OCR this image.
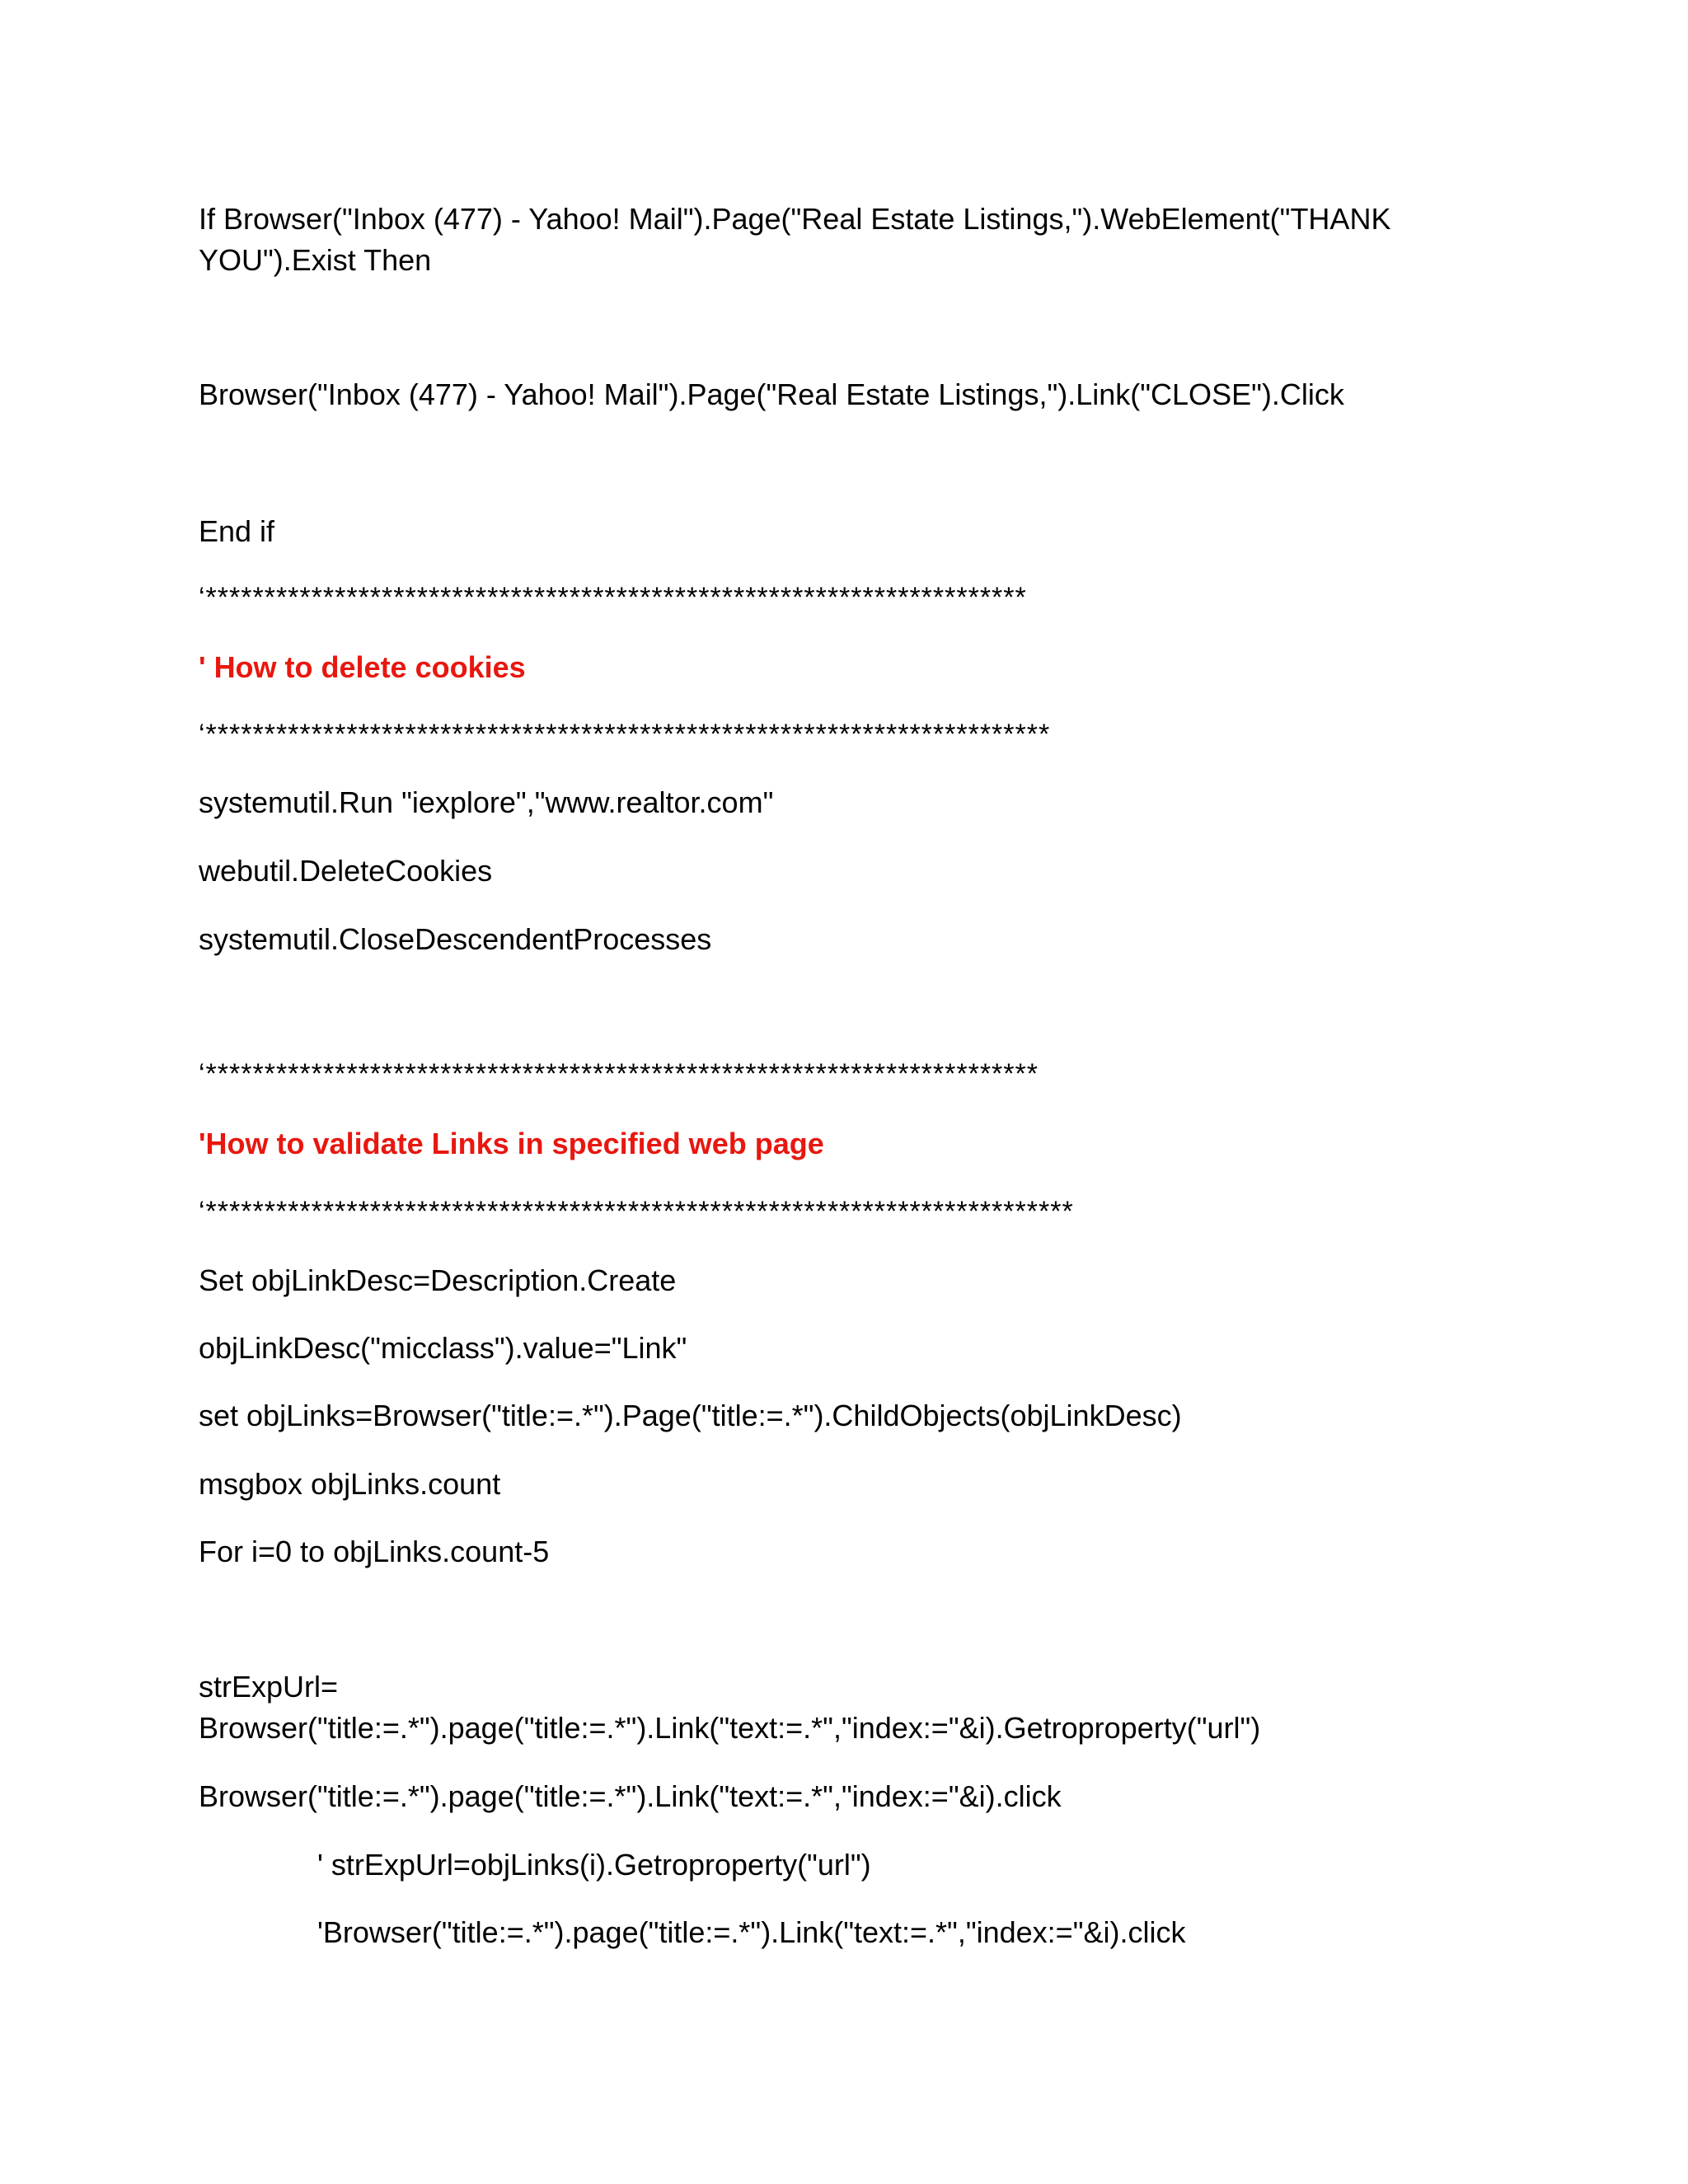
If Browser("Inbox (477) - Yahoo! Mail").Page("Real Estate Listings,").WebElement("THANK
YOU").Exist Then
Browser("Inbox (477) - Yahoo! Mail").Page("Real Estate Listings,").Link("CLOSE").Click
End if
‘**********************************************************************
' How to delete cookies
‘************************************************************************
systemutil.Run "iexplore","www.realtor.com"
webutil.DeleteCookies
systemutil.CloseDescendentProcesses
‘***********************************************************************
'How to validate Links in specified web page
‘**************************************************************************
Set objLinkDesc=Description.Create
objLinkDesc("micclass").value="Link"
set objLinks=Browser("title:=.*").Page("title:=.*").ChildObjects(objLinkDesc)
msgbox objLinks.count
For i=0 to objLinks.count-5
strExpUrl=
Browser("title:=.*").page("title:=.*").Link("text:=.*","index:="&i).Getroproperty("url")
Browser("title:=.*").page("title:=.*").Link("text:=.*","index:="&i).click
' strExpUrl=objLinks(i).Getroproperty("url")
'Browser("title:=.*").page("title:=.*").Link("text:=.*","index:="&i).click
